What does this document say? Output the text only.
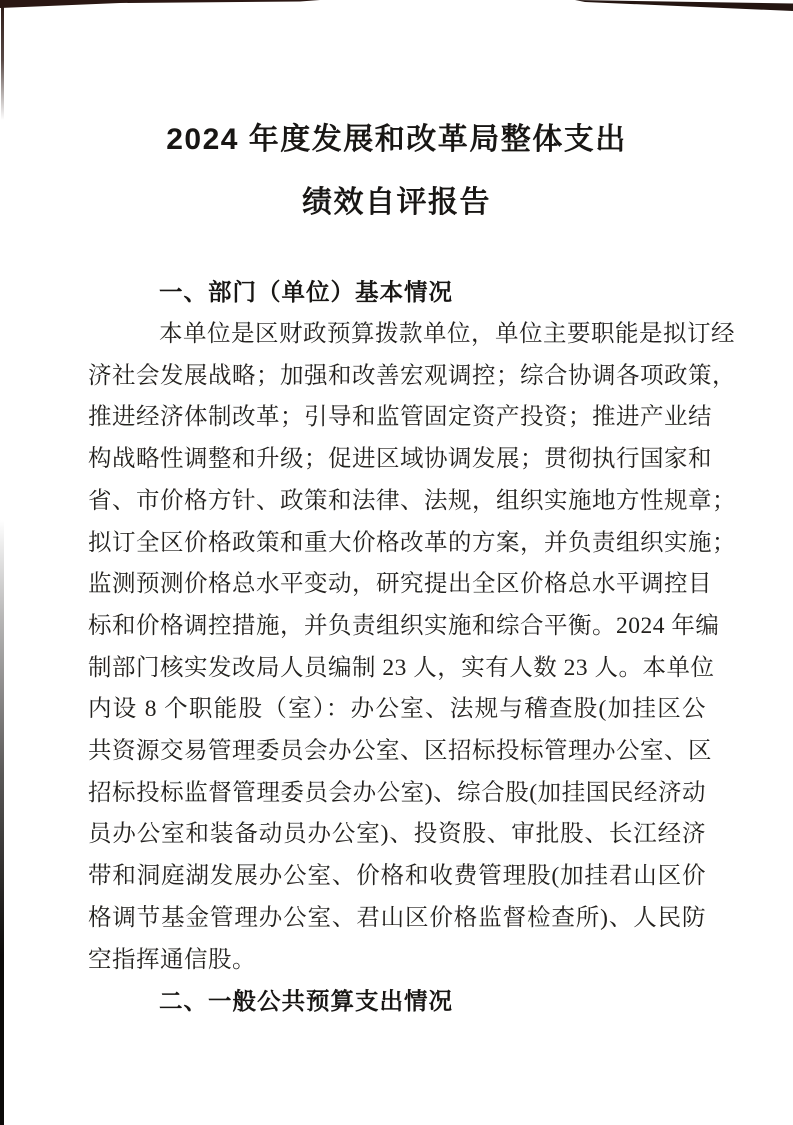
2024 年度发展和改革局整体支出
绩效自评报告
一、部门（单位）基本情况
本单位是区财政预算拨款单位，单位主要职能是拟订经
济社会发展战略；加强和改善宏观调控；综合协调各项政策，
推进经济体制改革；引导和监管固定资产投资；推进产业结
构战略性调整和升级；促进区域协调发展；贯彻执行国家和
省、市价格方针、政策和法律、法规，组织实施地方性规章；
拟订全区价格政策和重大价格改革的方案，并负责组织实施；
监测预测价格总水平变动，研究提出全区价格总水平调控目
标和价格调控措施，并负责组织实施和综合平衡。2024 年编
制部门核实发改局人员编制 23 人，实有人数 23 人。本单位
内设 8 个职能股（室）：办公室、法规与稽查股(加挂区公
共资源交易管理委员会办公室、区招标投标管理办公室、区
招标投标监督管理委员会办公室)、综合股(加挂国民经济动
员办公室和装备动员办公室)、投资股、审批股、长江经济
带和洞庭湖发展办公室、价格和收费管理股(加挂君山区价
格调节基金管理办公室、君山区价格监督检查所)、人民防
空指挥通信股。
二、一般公共预算支出情况
